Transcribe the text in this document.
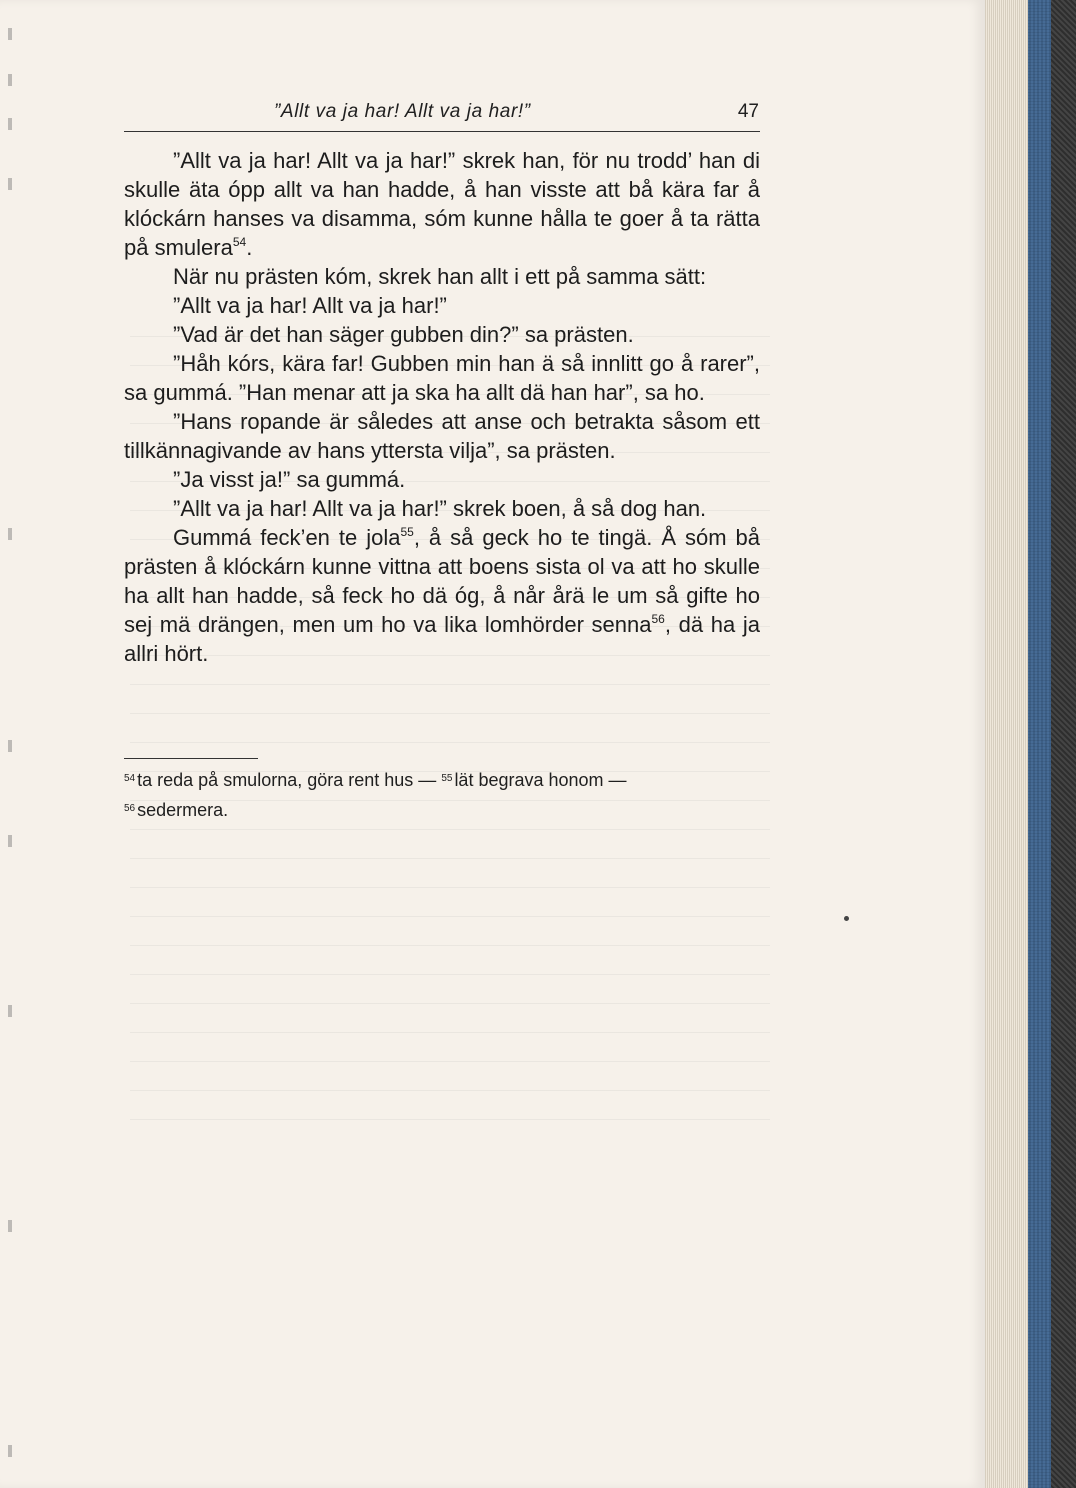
”Allt va ja har! Allt va ja har!”	47

”Allt va ja har! Allt va ja har!” skrek han, för nu trodd’ han di skulle äta ópp allt va han hadde, å han visste att bå kära far å klóckárn hanses va disamma, sóm kunne hålla te goer å ta rätta på smulera$^{54}$.

När nu prästen kóm, skrek han allt i ett på samma sätt:

”Allt va ja har! Allt va ja har!”

”Vad är det han säger gubben din?” sa prästen.

”Håh kórs, kära far! Gubben min han ä så innlitt go å rarer”, sa gummá. ”Han menar att ja ska ha allt dä han har”, sa ho.

”Hans ropande är således att anse och betrakta såsom ett tillkännagivande av hans yttersta vilja”, sa prästen.

”Ja visst ja!” sa gummá.

”Allt va ja har! Allt va ja har!” skrek boen, å så dog han.

Gummá feck’en te jola$^{55}$, å så geck ho te tingä. Å sóm bå prästen å klóckárn kunne vittna att boens sista ol va att ho skulle ha allt han hadde, så feck ho dä óg, å når årä le um så gifte ho sej mä drängen, men um ho va lika lomhörder senna$^{56}$, dä ha ja allri hört.

$^{54}$ ta reda på smulorna, göra rent hus — $^{55}$ lät begrava honom —
$^{56}$ sedermera.
